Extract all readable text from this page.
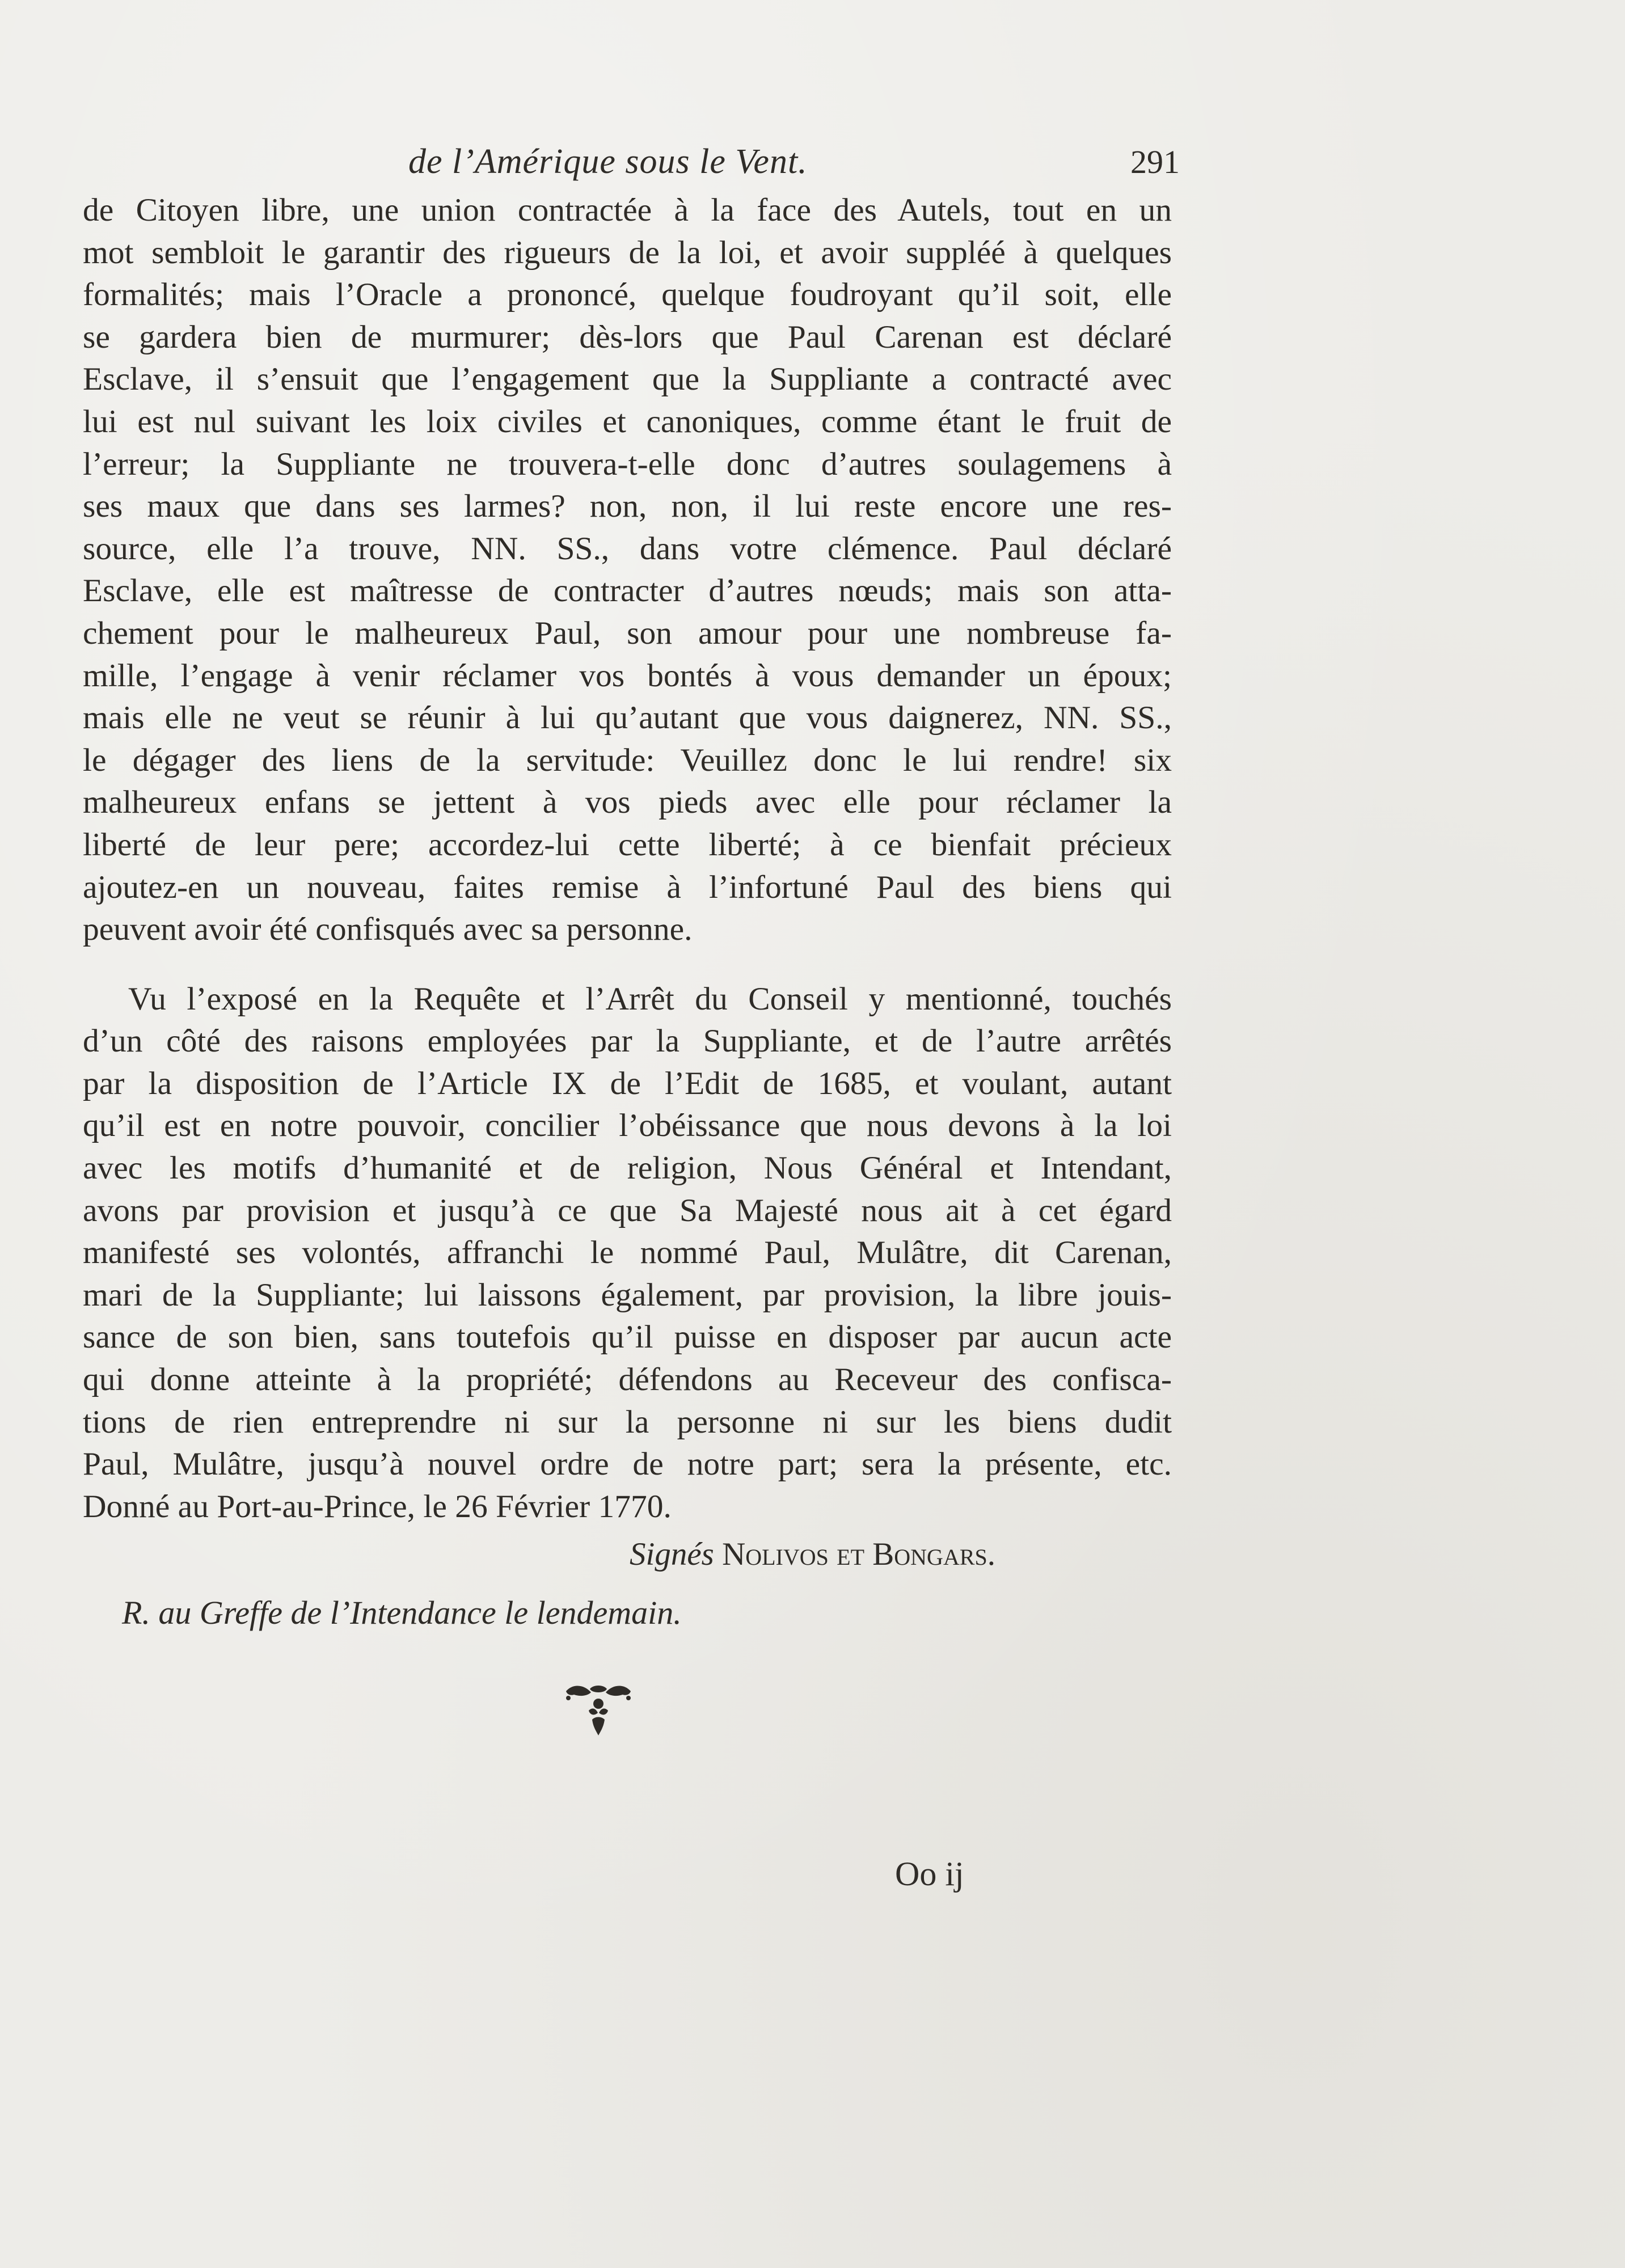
de l’Amérique sous le Vent.	291
de Citoyen libre, une union contractée à la face des Autels, tout en un
mot sembloit le garantir des rigueurs de la loi, et avoir suppléé à quelques
formalités; mais l’Oracle a prononcé, quelque foudroyant qu’il soit, elle
se gardera bien de murmurer; dès-lors que Paul Carenan est déclaré
Esclave, il s’ensuit que l’engagement que la Suppliante a contracté avec
lui est nul suivant les loix civiles et canoniques, comme étant le fruit de
l’erreur; la Suppliante ne trouvera-t-elle donc d’autres soulagemens à
ses maux que dans ses larmes? non, non, il lui reste encore une res-
source, elle l’a trouve, NN. SS., dans votre clémence. Paul déclaré
Esclave, elle est maîtresse de contracter d’autres nœuds; mais son atta-
chement pour le malheureux Paul, son amour pour une nombreuse fa-
mille, l’engage à venir réclamer vos bontés à vous demander un époux;
mais elle ne veut se réunir à lui qu’autant que vous daignerez, NN. SS.,
le dégager des liens de la servitude: Veuillez donc le lui rendre! six
malheureux enfans se jettent à vos pieds avec elle pour réclamer la
liberté de leur pere; accordez-lui cette liberté; à ce bienfait précieux
ajoutez-en un nouveau, faites remise à l’infortuné Paul des biens qui
peuvent avoir été confisqués avec sa personne.
Vu l’exposé en la Requête et l’Arrêt du Conseil y mentionné, touchés
d’un côté des raisons employées par la Suppliante, et de l’autre arrêtés
par la disposition de l’Article IX de l’Edit de 1685, et voulant, autant
qu’il est en notre pouvoir, concilier l’obéissance que nous devons à la loi
avec les motifs d’humanité et de religion, Nous Général et Intendant,
avons par provision et jusqu’à ce que Sa Majesté nous ait à cet égard
manifesté ses volontés, affranchi le nommé Paul, Mulâtre, dit Carenan,
mari de la Suppliante; lui laissons également, par provision, la libre jouis-
sance de son bien, sans toutefois qu’il puisse en disposer par aucun acte
qui donne atteinte à la propriété; défendons au Receveur des confisca-
tions de rien entreprendre ni sur la personne ni sur les biens dudit
Paul, Mulâtre, jusqu’à nouvel ordre de notre part; sera la présente, etc.
Donné au Port-au-Prince, le 26 Février 1770.
Signés Nolivos et Bongars.
R. au Greffe de l’Intendance le lendemain.
Oo ij
